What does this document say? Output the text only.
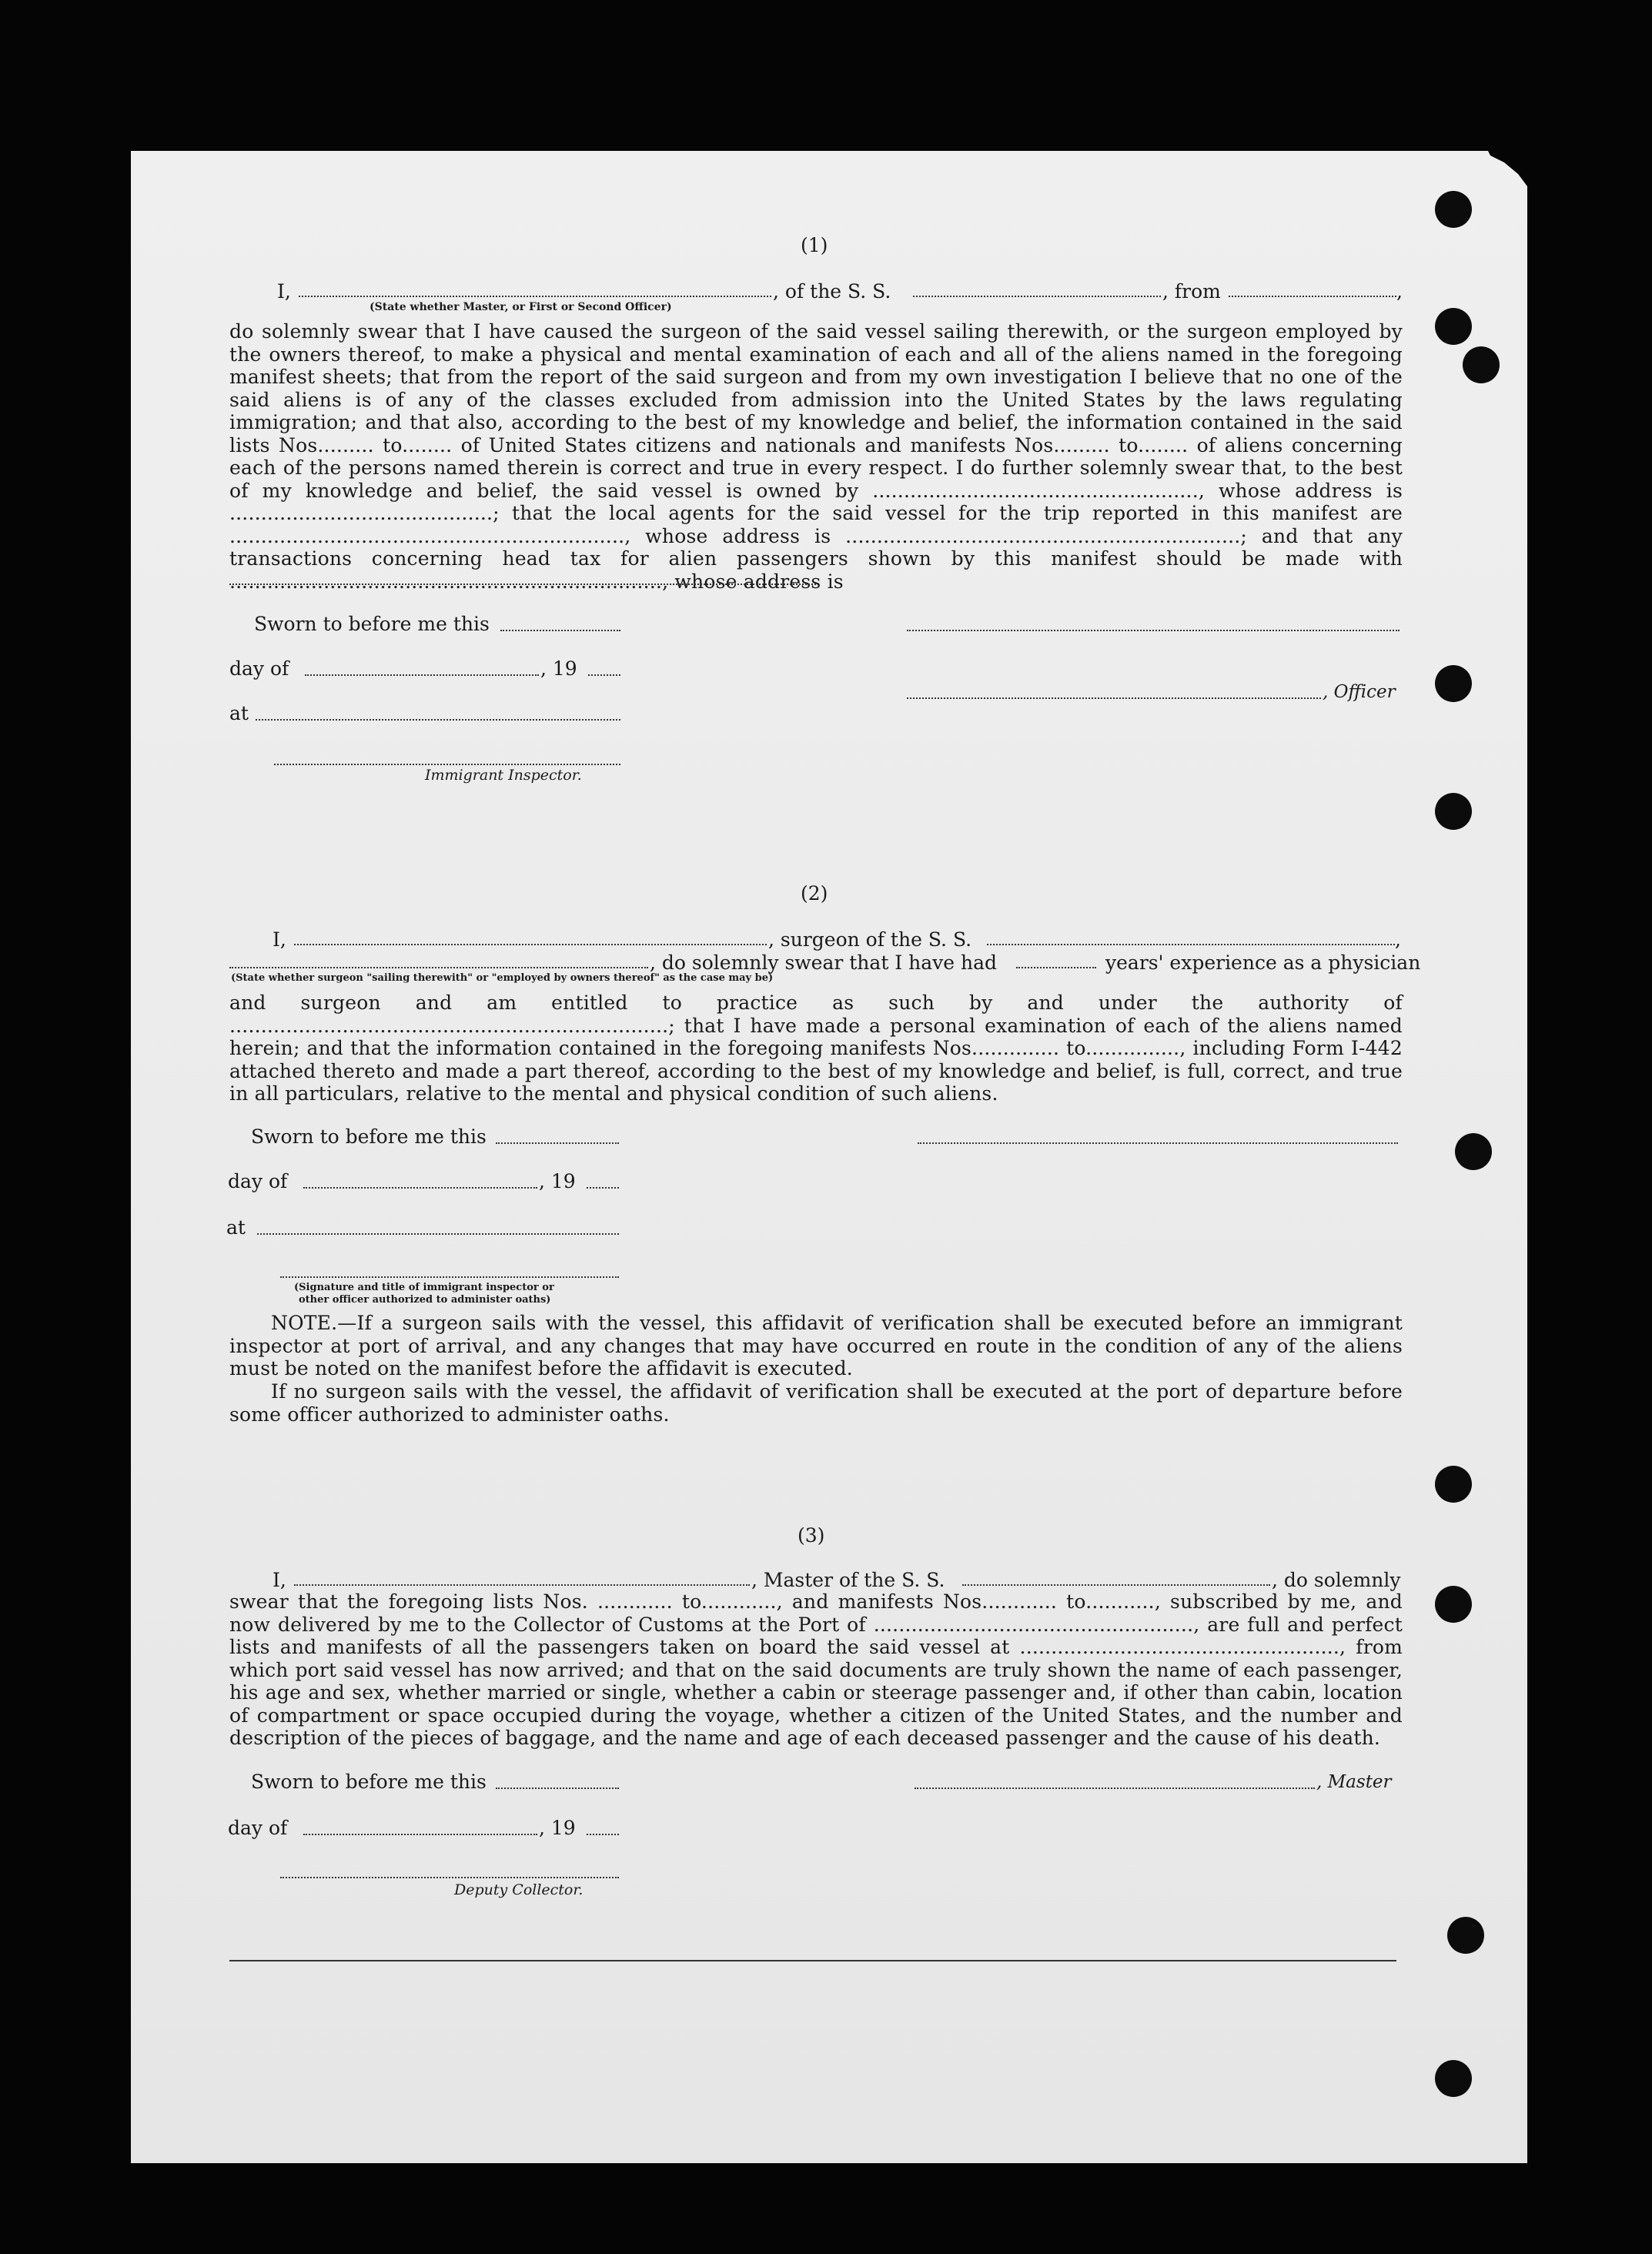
(1)
I,	, of the S. S.	, from	,
(State whether Master, or First or Second Officer)
do solemnly swear that I have caused the surgeon of the said vessel sailing therewith, or the surgeon employed by the owners thereof, to make a physical and mental examination of each and all of the aliens named in the foregoing manifest sheets; that from the report of the said surgeon and from my own investigation I believe that no one of the said aliens is of any of the classes excluded from admission into the United States by the laws regulating immigration; and that also, according to the best of my knowledge and belief, the information contained in the said lists Nos......... to........ of United States citizens and nationals and manifests Nos......... to........ of aliens concerning each of the persons named therein is correct and true in every respect. I do further solemnly swear that, to the best of my knowledge and belief, the said vessel is owned by ...................................................., whose address is ..........................................; that the local agents for the said vessel for the trip reported in this manifest are ..............................................................., whose address is ...............................................................; and that any transactions concerning head tax for alien passengers shown by this manifest should be made with ....................................................................., whose address is
Sworn to before me this
day of	, 19
, Officer
at
Immigrant Inspector.
(2)
I,	, surgeon of the S. S.	,
, do solemnly swear that I have had	years' experience as a physician
(State whether surgeon "sailing therewith" or "employed by owners thereof" as the case may be)
and surgeon and am entitled to practice as such by and under the authority of ......................................................................; that I have made a personal examination of each of the aliens named herein; and that the information contained in the foregoing manifests Nos.............. to..............., including Form I-442 attached thereto and made a part thereof, according to the best of my knowledge and belief, is full, correct, and true in all particulars, relative to the mental and physical condition of such aliens.
Sworn to before me this
day of	, 19
at
(Signature and title of immigrant inspector or
other officer authorized to administer oaths)
NOTE.—If a surgeon sails with the vessel, this affidavit of verification shall be executed before an immigrant inspector at port of arrival, and any changes that may have occurred en route in the condition of any of the aliens must be noted on the manifest before the affidavit is executed.
If no surgeon sails with the vessel, the affidavit of verification shall be executed at the port of departure before some officer authorized to administer oaths.
(3)
I,	, Master of the S. S.	, do solemnly
swear that the foregoing lists Nos. ............ to............, and manifests Nos............ to..........., subscribed by me, and now delivered by me to the Collector of Customs at the Port of ..................................................., are full and perfect lists and manifests of all the passengers taken on board the said vessel at ..................................................., from which port said vessel has now arrived; and that on the said documents are truly shown the name of each passenger, his age and sex, whether married or single, whether a cabin or steerage passenger and, if other than cabin, location of compartment or space occupied during the voyage, whether a citizen of the United States, and the number and description of the pieces of baggage, and the name and age of each deceased passenger and the cause of his death.
Sworn to before me this	, Master
day of	, 19
Deputy Collector.
